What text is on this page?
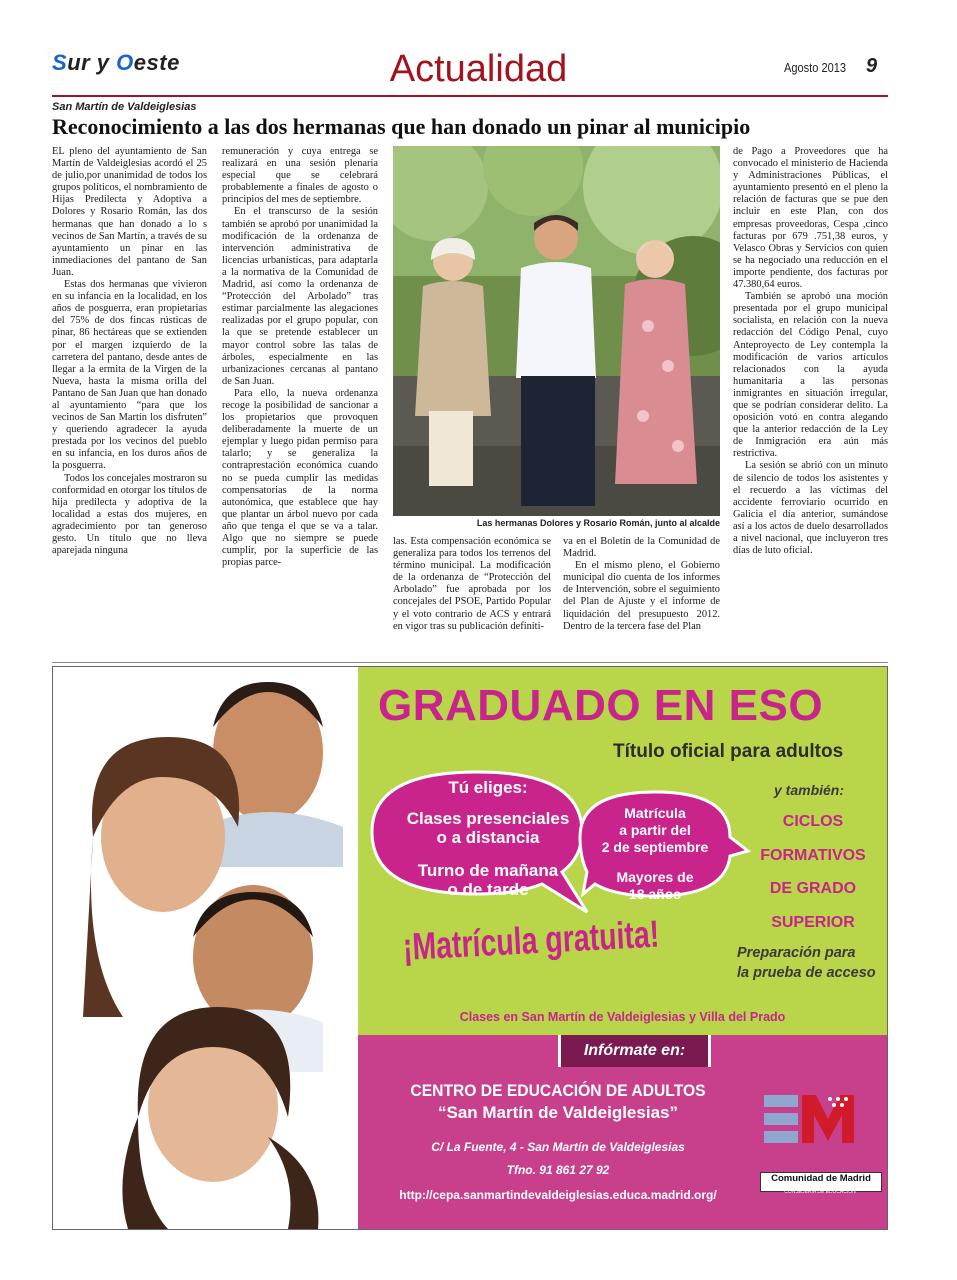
Sur y Oeste	Actualidad	Agosto 2013 9
San Martín de Valdeiglesias
Reconocimiento a las dos hermanas que han donado un pinar al municipio

EL pleno del ayuntamiento de San Martín de Valdeiglesias acordó el 25 de julio,por unanimidad de todos los grupos políticos, el nombramiento de Hijas Predilecta y Adoptiva a Dolores y Rosario Román, las dos hermanas que han donado a lo s vecinos de San Martín, a través de su ayuntamiento un pinar en las inmediaciones del pantano de San Juan.

Estas dos hermanas que vivieron en su infancia en la localidad, en los años de posguerra, eran propietarias del 75% de dos fincas rústicas de pinar, 86 hectáreas que se extienden por el margen izquierdo de la carretera del pantano, desde antes de llegar a la ermita de la Virgen de la Nueva, hasta la misma orilla del Pantano de San Juan que han donado al ayuntamiento “para que los vecinos de San Martín los disfruten” y queriendo agradecer la ayuda prestada por los vecinos del pueblo en su infancia, en los duros años de la posguerra.

Todos los concejales mostraron su conformidad en otorgar los títulos de hija predilecta y adoptiva de la localidad a estas dos mujeres, en agradecimiento por tan generoso gesto. Un título que no lleva aparejada ninguna

remuneración y cuya entrega se realizará en una sesión plenaria especial que se celebrará probablemente a finales de agosto o principios del mes de septiembre.

En el transcurso de la sesión también se aprobó por unanimidad la modificación de la ordenanza de intervención administrativa de licencias urbanísticas, para adaptarla a la normativa de la Comunidad de Madrid, así como la ordenanza de “Protección del Arbolado” tras estimar parcialmente las alegaciones realizadas por el grupo popular, con la que se pretende establecer un mayor control sobre las talas de árboles, especialmente en las urbanizaciones cercanas al pantano de San Juan.

Para ello, la nueva ordenanza recoge la posibilidad de sancionar a los propietarios que provoquen deliberadamente la muerte de un ejemplar y luego pidan permiso para talarlo; y se generaliza la contraprestación económica cuando no se pueda cumplir las medidas compensatorias de la norma autonómica, que establece que hay que plantar un árbol nuevo por cada año que tenga el que se va a talar. Algo que no siempre se puede cumplir, por la superficie de las propias parce-

Las hermanas Dolores y Rosario Román, junto al alcalde

las. Esta compensación económica se generaliza para todos los terrenos del término municipal. La modificación de la ordenanza de “Protección del Arbolado” fue aprobada por los concejales del PSOE, Partido Popular y el voto contrario de ACS y entrará en vigor tras su publicación definiti-

va en el Boletín de la Comunidad de Madrid.

En el mismo pleno, el Gobierno municipal dio cuenta de los informes de Intervención, sobre el seguimiento del Plan de Ajuste y el informe de liquidación del presupuesto 2012. Dentro de la tercera fase del Plan

de Pago a Proveedores que ha convocado el ministerio de Hacienda y Administraciones Públicas, el ayuntamiento presentó en el pleno la relación de facturas que se pue den incluir en este Plan, con dos empresas proveedoras, Cespa ,cinco facturas por 679 .751,38 euros, y Velasco Obras y Servicios con quien se ha negociado una reducción en el importe pendiente, dos facturas por 47.380,64 euros.

También se aprobó una moción presentada por el grupo municipal socialista, en relación con la nueva redacción del Código Penal, cuyo Anteproyecto de Ley contempla la modificación de varios artículos relacionados con la ayuda humanitaria a las personas inmigrantes en situación irregular, que se podrían considerar delito. La oposición votó en contra alegando que la anterior redacción de la Ley de Inmigración era aún más restrictiva.

La sesión se abrió con un minuto de silencio de todos los asistentes y el recuerdo a las víctimas del accidente ferroviario ocurrido en Galicia el día anterior, sumándose así a los actos de duelo desarrollados a nivel nacional, que incluyeron tres días de luto oficial.

GRADUADO EN ESO
Título oficial para adultos
Tú eliges:
Clases presenciales
o a distancia
Turno de mañana
o de tarde
Matrícula
a partir del
2 de septiembre
Mayores de
18 años
y también:
CICLOS
FORMATIVOS
DE GRADO
SUPERIOR
¡Matrícula gratuita!	Preparación para
la prueba de acceso
Clases en San Martín de Valdeiglesias y Villa del Prado
Infórmate en:
CENTRO DE EDUCACIÓN DE ADULTOS
“San Martín de Valdeiglesias”
C/ La Fuente, 4 - San Martín de Valdeiglesias
Tfno. 91 861 27 92
http://cepa.sanmartindevaldeiglesias.educa.madrid.org/
Comunidad de Madrid
CONSEJERÍA DE EDUCACIÓN
